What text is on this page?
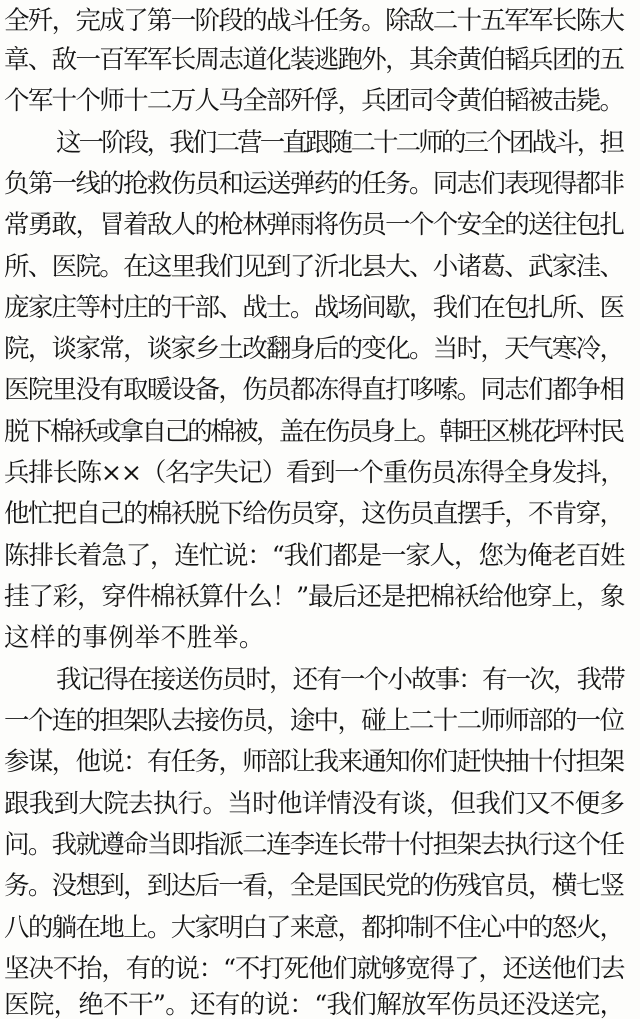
全歼，完成了第一阶段的战斗任务。除敌二十五军军长陈大
章、敌一百军军长周志道化装逃跑外，其余黄伯韬兵团的五
个军十个师十二万人马全部歼俘，兵团司令黄伯韬被击毙。
这一阶段，我们二营一直跟随二十二师的三个团战斗，担
负第一线的抢救伤员和运送弹药的任务。同志们表现得都非
常勇敢，冒着敌人的枪林弹雨将伤员一个个安全的送往包扎
所、医院。在这里我们见到了沂北县大、小诸葛、武家洼、
庞家庄等村庄的干部、战士。战场间歇，我们在包扎所、医
院，谈家常，谈家乡土改翻身后的变化。当时，天气寒冷，
医院里没有取暖设备，伤员都冻得直打哆嗦。同志们都争相
脱下棉袄或拿自己的棉被，盖在伤员身上。韩旺区桃花坪村民
兵排长陈××（名字失记）看到一个重伤员冻得全身发抖，
他忙把自己的棉袄脱下给伤员穿，这伤员直摆手，不肯穿，
陈排长着急了，连忙说：“我们都是一家人，您为俺老百姓
挂了彩，穿件棉袄算什么！”最后还是把棉袄给他穿上，象
这样的事例举不胜举。
我记得在接送伤员时，还有一个小故事：有一次，我带
一个连的担架队去接伤员，途中，碰上二十二师师部的一位
参谋，他说：有任务，师部让我来通知你们赶快抽十付担架
跟我到大院去执行。当时他详情没有谈，但我们又不便多
问。我就遵命当即指派二连李连长带十付担架去执行这个任
务。没想到，到达后一看，全是国民党的伤残官员，横七竖
八的躺在地上。大家明白了来意，都抑制不住心中的怒火，
坚决不抬，有的说：“不打死他们就够宽得了，还送他们去
医院，绝不干”。还有的说：“我们解放军伤员还没送完，
